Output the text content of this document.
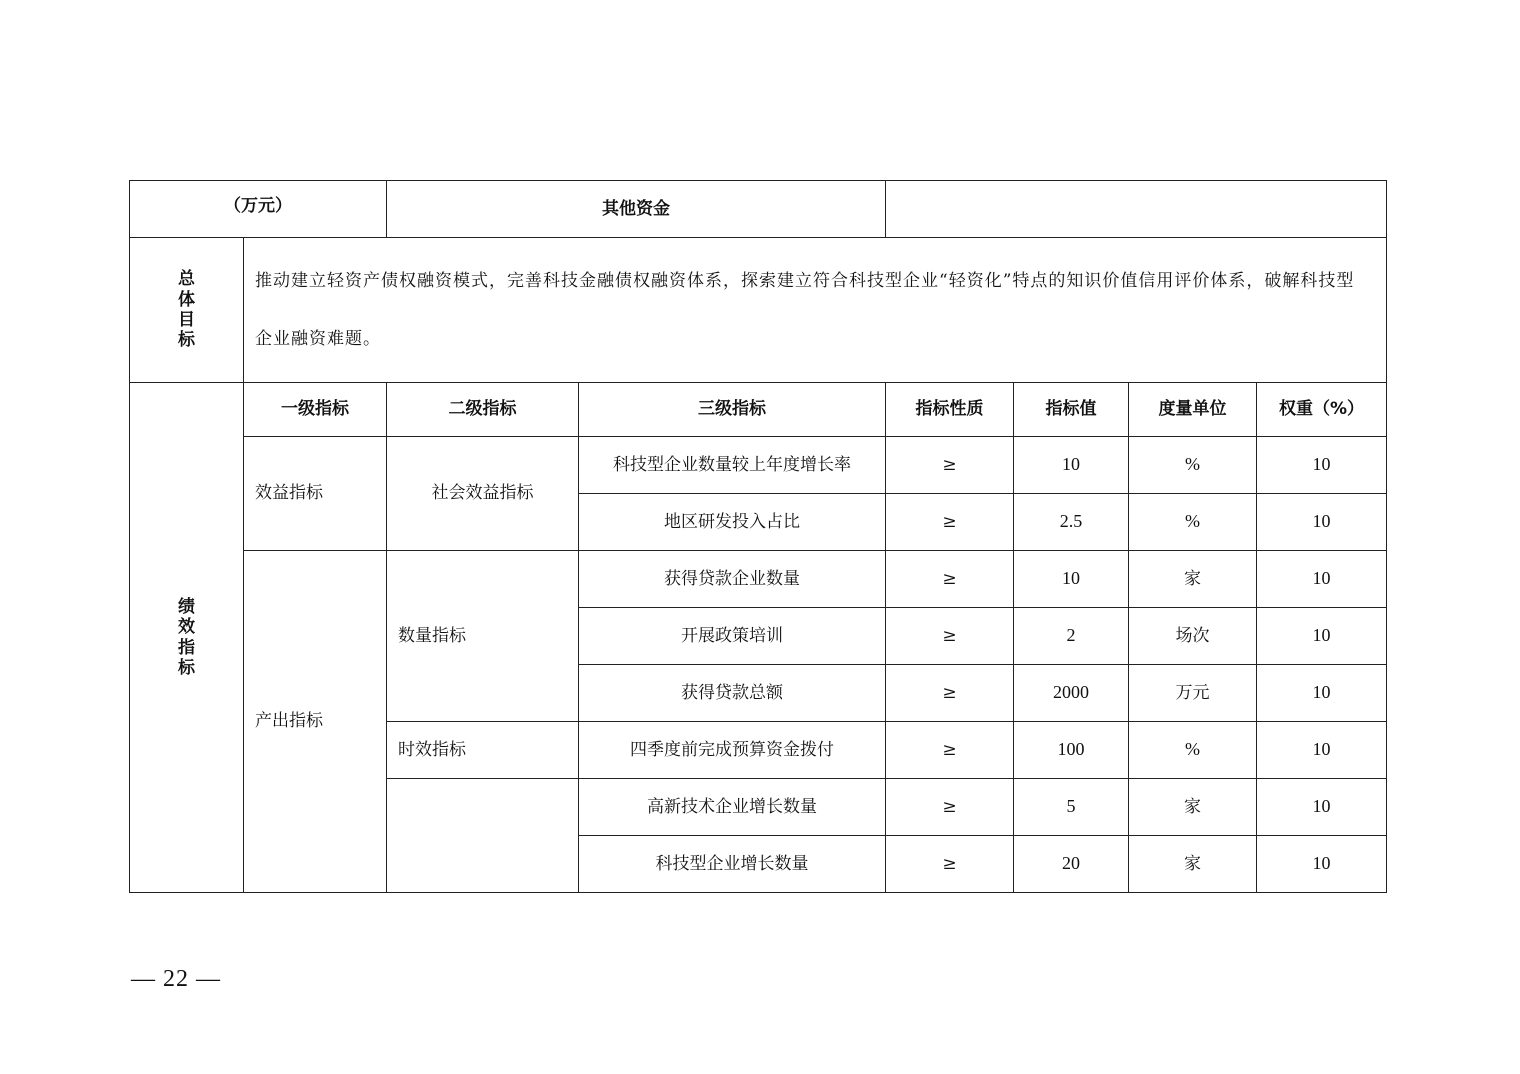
（万元）		其他资金					

总
体
目
标	推动建立轻资产债权融资模式，完善科技金融债权融资体系，探索建立符合科技型企业“轻资化”特点的知识价值信用评价体系，破解科技型企业融资难题。						

绩
效
指
标	一级指标	二级指标	三级指标	指标性质	指标值	度量单位	权重（%）
	效益指标	社会效益指标	科技型企业数量较上年度增长率	≥	10	%	10
			地区研发投入占比	≥	2.5	%	10
	产出指标	数量指标	获得贷款企业数量	≥	10	家	10
			开展政策培训	≥	2	场次	10
			获得贷款总额	≥	2000	万元	10
		时效指标	四季度前完成预算资金拨付	≥	100	%	10
			高新技术企业增长数量	≥	5	家	10
			科技型企业增长数量	≥	20	家	10
— 22 —
